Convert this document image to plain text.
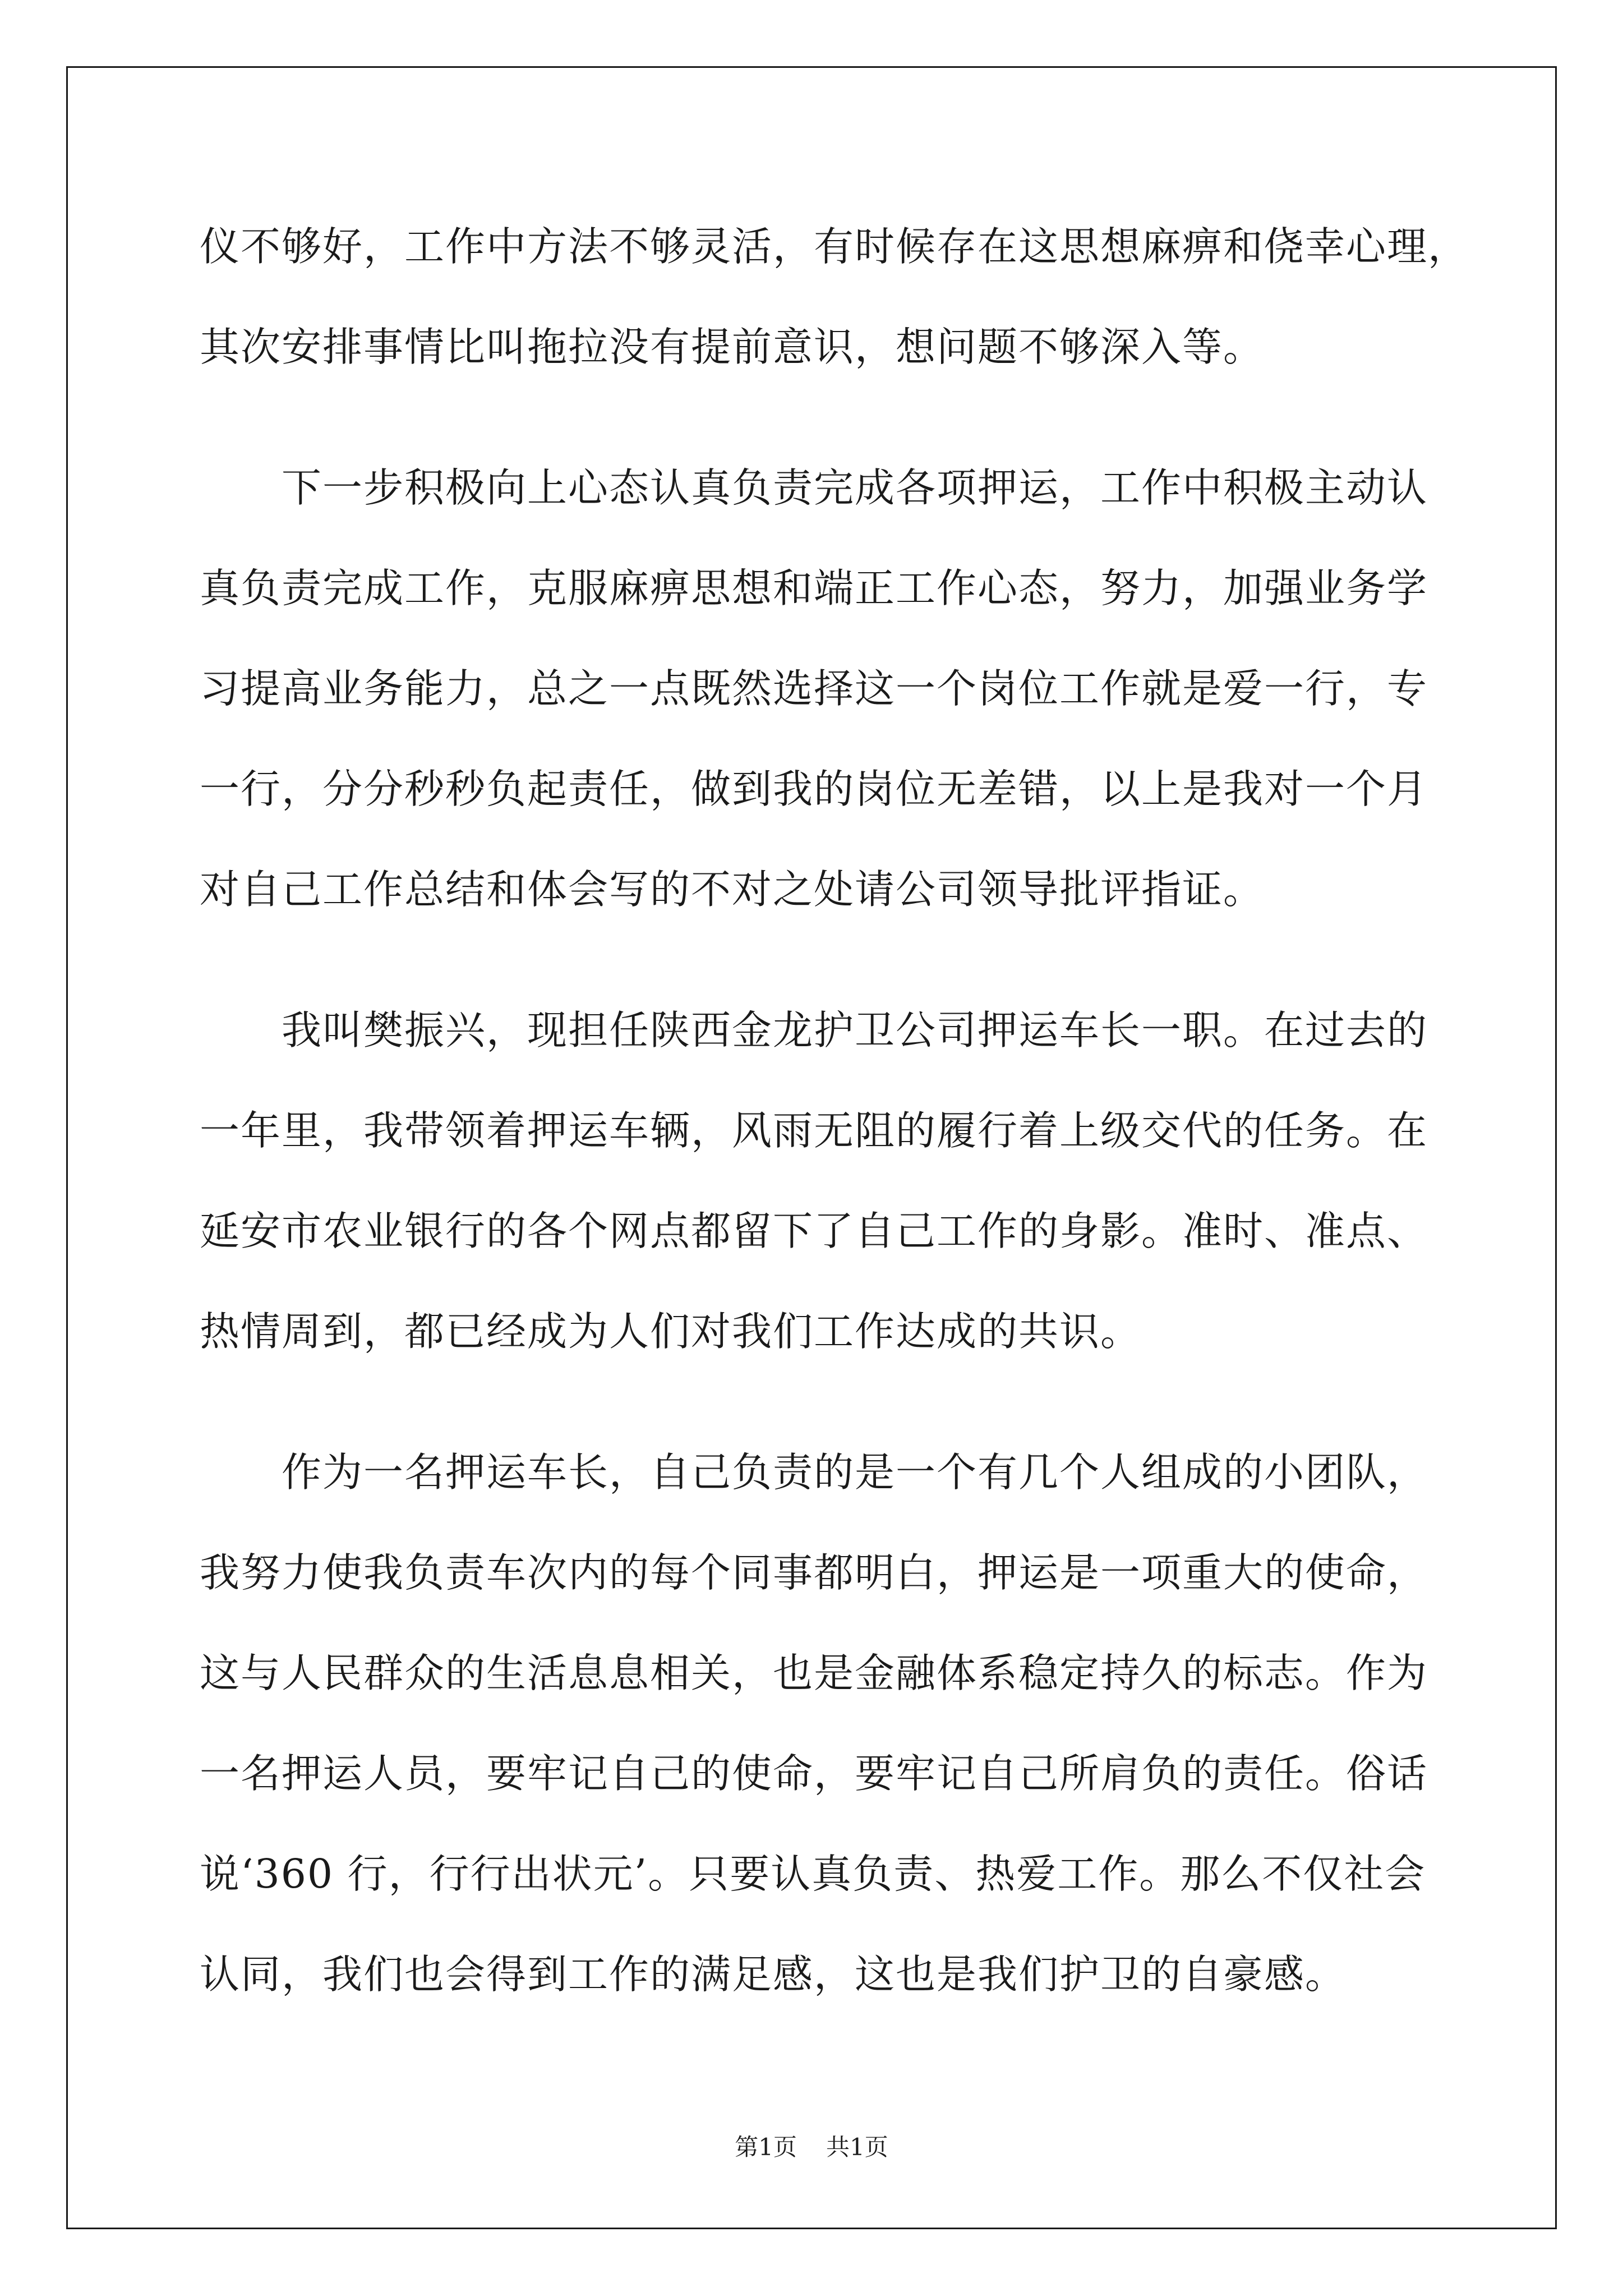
仪不够好，工作中方法不够灵活，有时候存在这思想麻痹和侥幸心理，
其次安排事情比叫拖拉没有提前意识，想问题不够深入等。
　　下一步积极向上心态认真负责完成各项押运，工作中积极主动认
真负责完成工作，克服麻痹思想和端正工作心态，努力，加强业务学
习提高业务能力，总之一点既然选择这一个岗位工作就是爱一行，专
一行，分分秒秒负起责任，做到我的岗位无差错，以上是我对一个月
对自己工作总结和体会写的不对之处请公司领导批评指证。
　　我叫樊振兴，现担任陕西金龙护卫公司押运车长一职。在过去的
一年里，我带领着押运车辆，风雨无阻的履行着上级交代的任务。在
延安市农业银行的各个网点都留下了自己工作的身影。准时、准点、
热情周到，都已经成为人们对我们工作达成的共识。
　　作为一名押运车长，自己负责的是一个有几个人组成的小团队，
我努力使我负责车次内的每个同事都明白，押运是一项重大的使命，
这与人民群众的生活息息相关，也是金融体系稳定持久的标志。作为
一名押运人员，要牢记自己的使命，要牢记自己所肩负的责任。俗话
说‘360 行，行行出状元’。只要认真负责、热爱工作。那么不仅社会
认同，我们也会得到工作的满足感，这也是我们护卫的自豪感。
第1页 共1页
